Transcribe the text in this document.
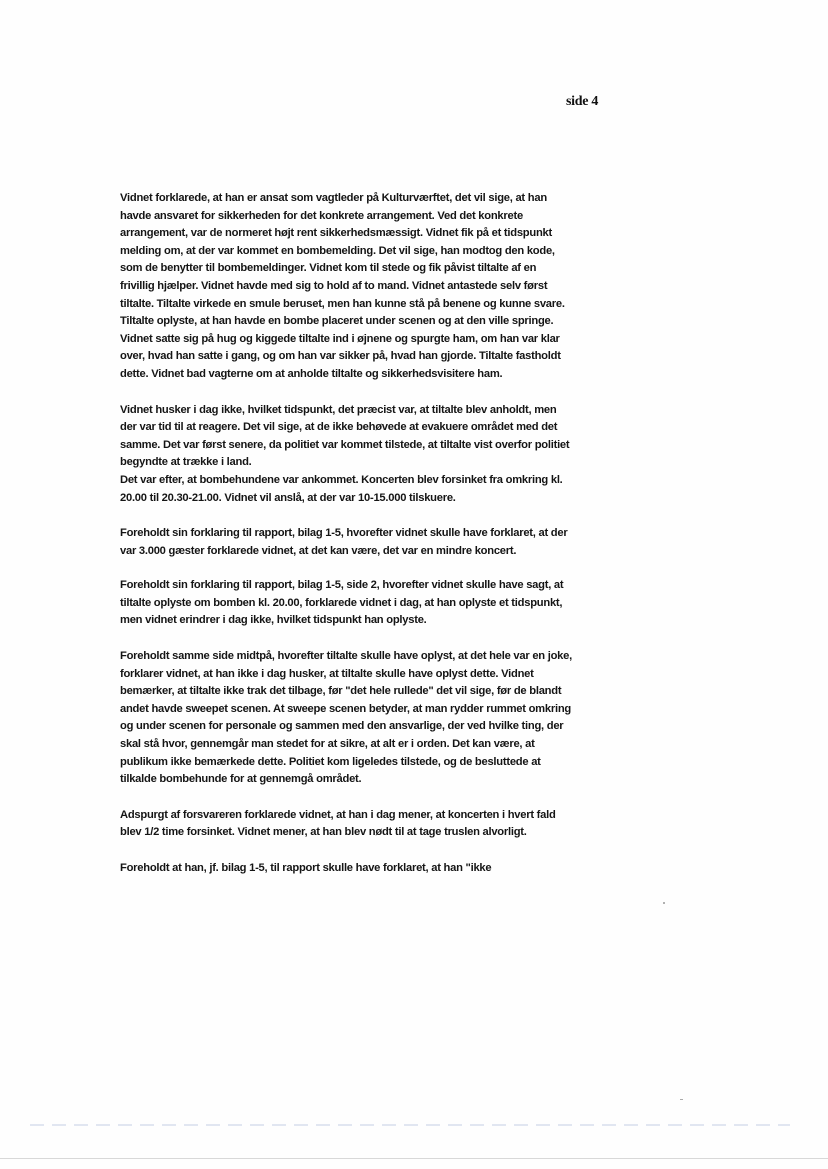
side 4

Vidnet forklarede, at han er ansat som vagtleder på Kulturværftet, det vil sige, at han havde ansvaret for sikkerheden for det konkrete arrangement. Ved det konkrete arrangement, var de normeret højt rent sikkerhedsmæssigt. Vidnet fik på et tidspunkt melding om, at der var kommet en bombemelding. Det vil sige, han modtog den kode, som de benytter til bombemeldinger. Vidnet kom til stede og fik påvist tiltalte af en frivillig hjælper. Vidnet havde med sig to hold af to mand. Vidnet antastede selv først tiltalte. Tiltalte virkede en smule beruset, men han kunne stå på benene og kunne svare. Tiltalte oplyste, at han havde en bombe placeret under scenen og at den ville springe. Vidnet satte sig på hug og kiggede tiltalte ind i øjnene og spurgte ham, om han var klar over, hvad han satte i gang, og om han var sikker på, hvad han gjorde. Tiltalte fastholdt dette. Vidnet bad vagterne om at anholde tiltalte og sikkerhedsvisitere ham.

Vidnet husker i dag ikke, hvilket tidspunkt, det præcist var, at tiltalte blev anholdt, men der var tid til at reagere. Det vil sige, at de ikke behøvede at evakuere området med det samme. Det var først senere, da politiet var kommet tilstede, at tiltalte vist overfor politiet begyndte at trække i land.

Det var efter, at bombehundene var ankommet. Koncerten blev forsinket fra omkring kl. 20.00 til 20.30-21.00. Vidnet vil anslå, at der var 10-15.000 tilskuere.

Foreholdt sin forklaring til rapport, bilag 1-5, hvorefter vidnet skulle have forklaret, at der var 3.000 gæster forklarede vidnet, at det kan være, det var en mindre koncert.

Foreholdt sin forklaring til rapport, bilag 1-5, side 2, hvorefter vidnet skulle have sagt, at tiltalte oplyste om bomben kl. 20.00, forklarede vidnet i dag, at han oplyste et tidspunkt, men vidnet erindrer i dag ikke, hvilket tidspunkt han oplyste.

Foreholdt samme side midtpå, hvorefter tiltalte skulle have oplyst, at det hele var en joke, forklarer vidnet, at han ikke i dag husker, at tiltalte skulle have oplyst dette. Vidnet bemærker, at tiltalte ikke trak det tilbage, før "det hele rullede" det vil sige, før de blandt andet havde sweepet scenen. At sweepe scenen betyder, at man rydder rummet omkring og under scenen for personale og sammen med den ansvarlige, der ved hvilke ting, der skal stå hvor, gennemgår man stedet for at sikre, at alt er i orden. Det kan være, at publikum ikke bemærkede dette. Politiet kom ligeledes tilstede, og de besluttede at tilkalde bombehunde for at gennemgå området.

Adspurgt af forsvareren forklarede vidnet, at han i dag mener, at koncerten i hvert fald blev 1/2 time forsinket. Vidnet mener, at han blev nødt til at tage truslen alvorligt.

Foreholdt at han, jf. bilag 1-5, til rapport skulle have forklaret, at han "ikke
